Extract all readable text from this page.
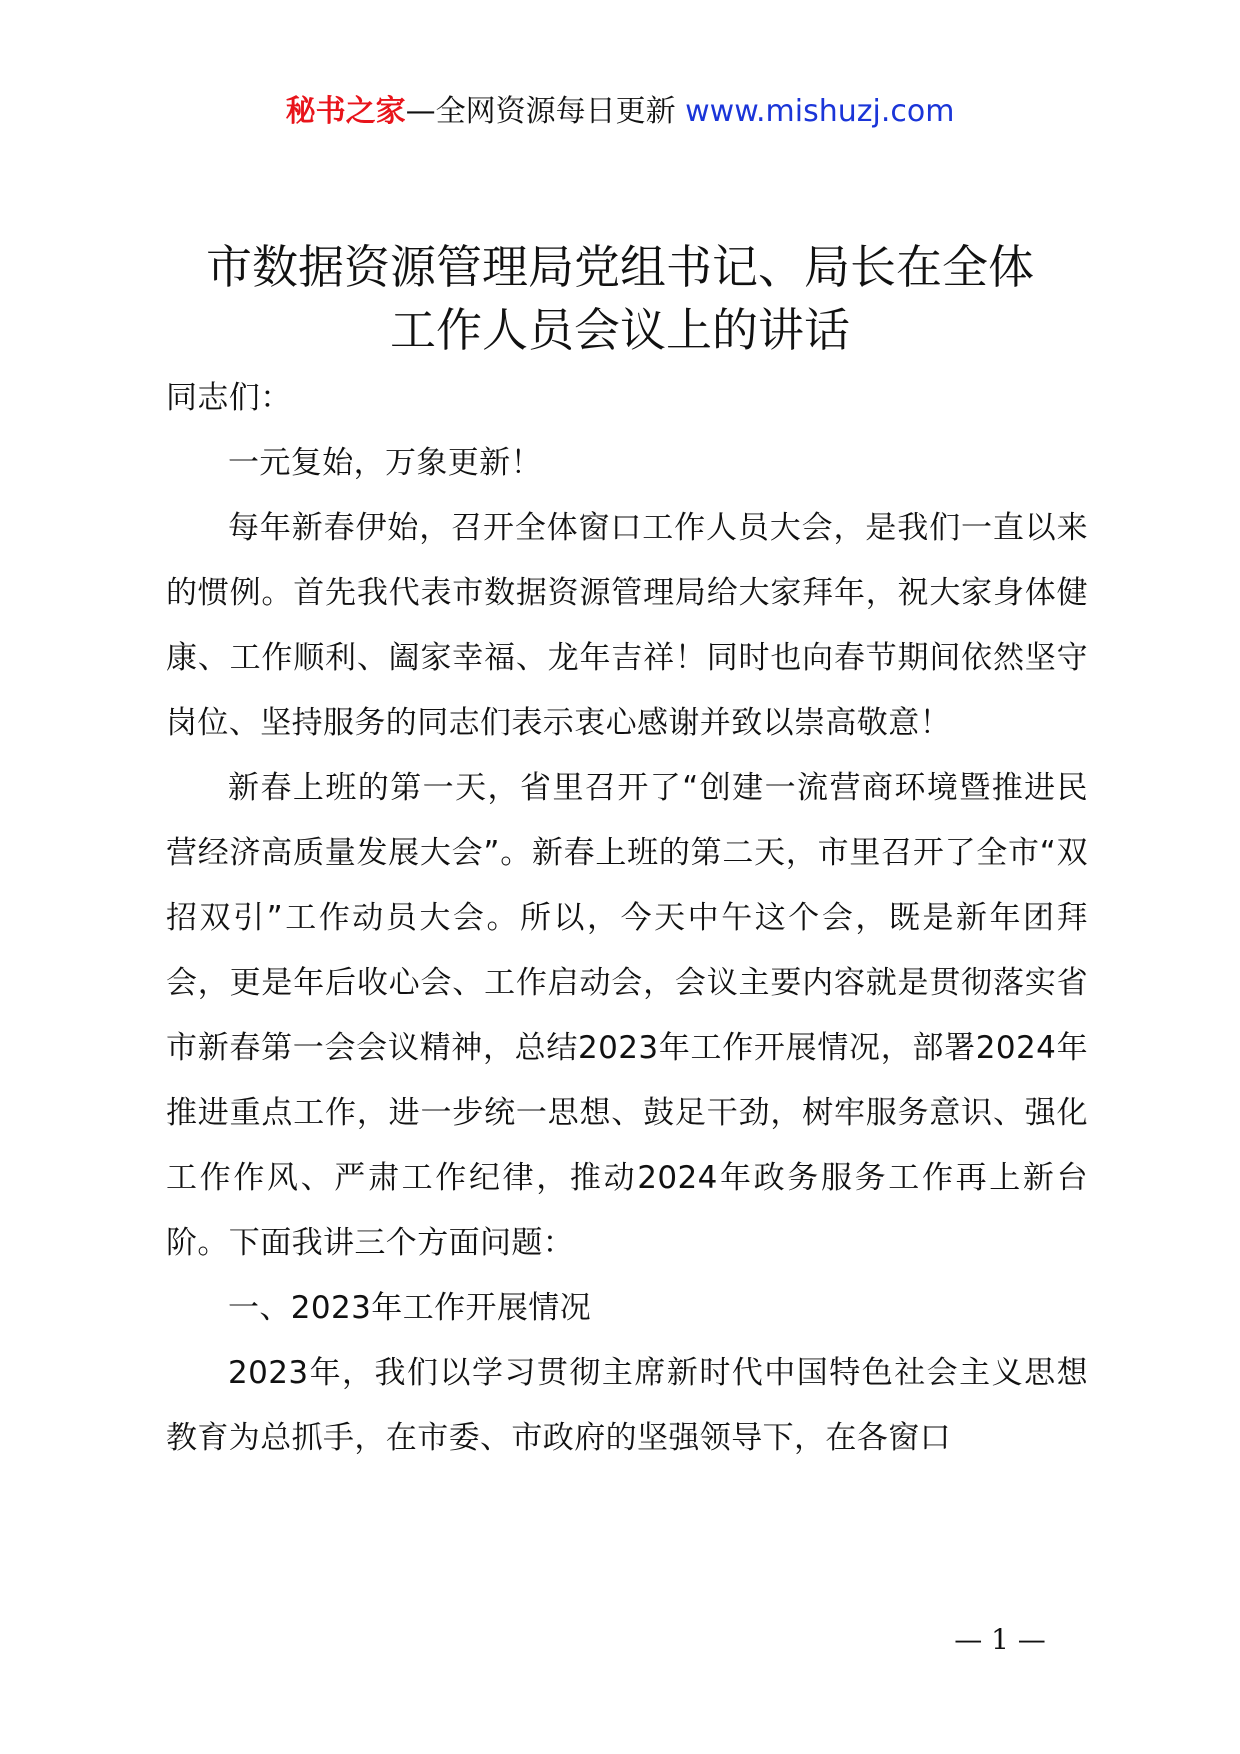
秘书之家—全网资源每日更新 www.mishuzj.com
市数据资源管理局党组书记、局长在全体
工作人员会议上的讲话

同志们：

一元复始，万象更新！

每年新春伊始，召开全体窗口工作人员大会，是我们一直以来的惯例。首先我代表市数据资源管理局给大家拜年，祝大家身体健康、工作顺利、阖家幸福、龙年吉祥！同时也向春节期间依然坚守岗位、坚持服务的同志们表示衷心感谢并致以崇高敬意！

新春上班的第一天，省里召开了“创建一流营商环境暨推进民营经济高质量发展大会”。新春上班的第二天，市里召开了全市“双招双引”工作动员大会。所以，今天中午这个会，既是新年团拜会，更是年后收心会、工作启动会，会议主要内容就是贯彻落实省市新春第一会会议精神，总结2023年工作开展情况，部署2024年推进重点工作，进一步统一思想、鼓足干劲，树牢服务意识、强化工作作风、严肃工作纪律，推动2024年政务服务工作再上新台阶。下面我讲三个方面问题：

一、2023年工作开展情况

2023年，我们以学习贯彻主席新时代中国特色社会主义思想教育为总抓手，在市委、市政府的坚强领导下，在各窗口

— 1 —
